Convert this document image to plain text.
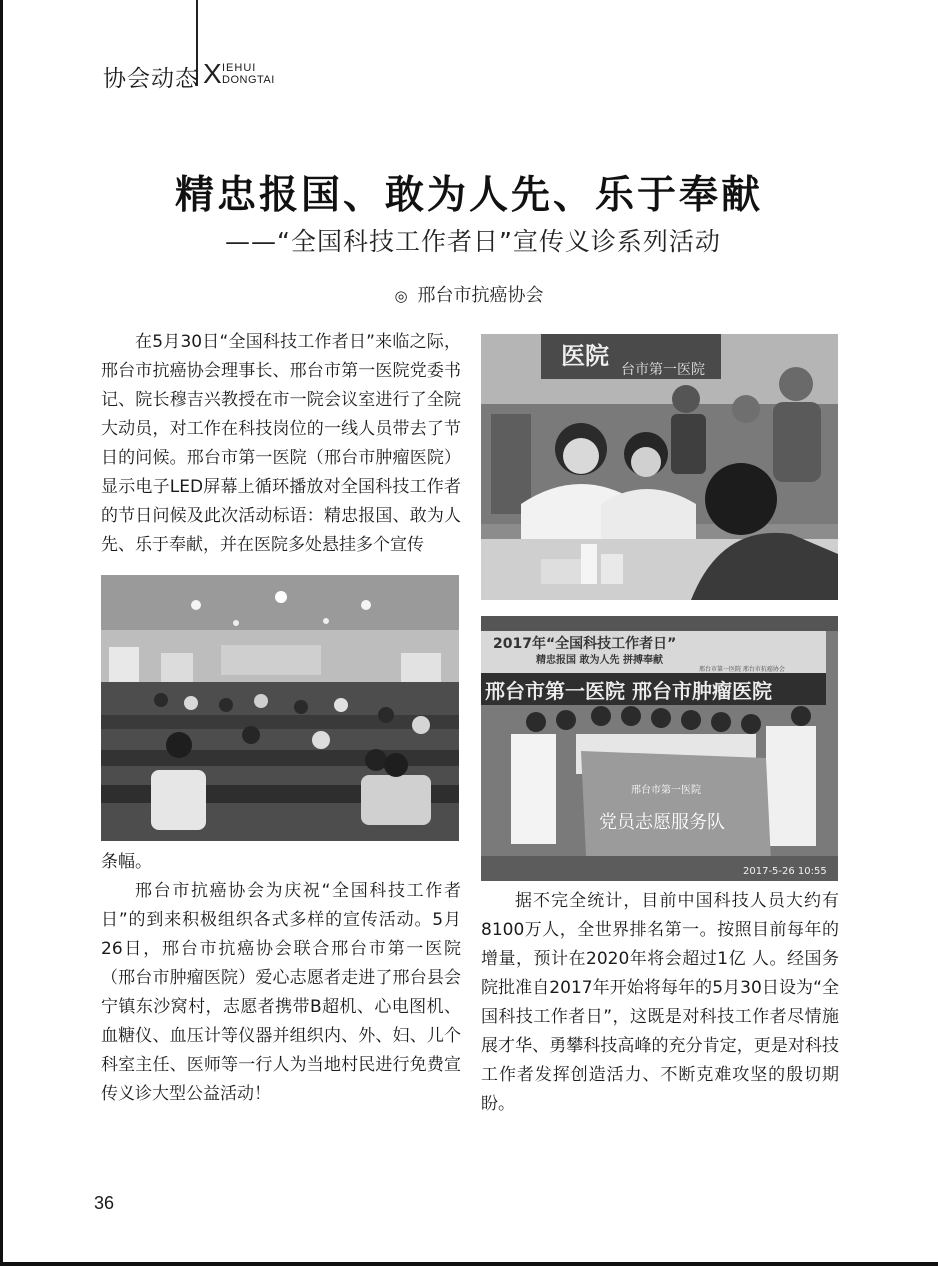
协会动态 X IEHUI
DONGTAI
精忠报国、敢为人先、乐于奉献
——“全国科技工作者日”宣传义诊系列活动
◎ 邢台市抗癌协会

在5月30日“全国科技工作者日”来临之际，邢台市抗癌协会理事长、邢台市第一医院党委书记、院长穆吉兴教授在市一院会议室进行了全院大动员，对工作在科技岗位的一线人员带去了节日的问候。邢台市第一医院（邢台市肿瘤医院）显示电子LED屏幕上循环播放对全国科技工作者的节日问候及此次活动标语：精忠报国、敢为人先、乐于奉献，并在医院多处悬挂多个宣传

条幅。

邢台市抗癌协会为庆祝“全国科技工作者日”的到来积极组织各式多样的宣传活动。5月26日，邢台市抗癌协会联合邢台市第一医院（邢台市肿瘤医院）爱心志愿者走进了邢台县会宁镇东沙窝村，志愿者携带B超机、心电图机、血糖仪、血压计等仪器并组织内、外、妇、儿个科室主任、医师等一行人为当地村民进行免费宣传义诊大型公益活动！

医院 台市第一医院
2017年“全国科技工作者日”
精忠报国 敢为人先 拼搏奉献
邢台市第一医院 邢台市抗癌协会
邢台市第一医院 邢台市肿瘤医院
邢台市第一医院
党员志愿服务队
2017-5-26 10:55

据不完全统计，目前中国科技人员大约有8100万人，全世界排名第一。按照目前每年的增量，预计在2020年将会超过1亿 人。经国务院批准自2017年开始将每年的5月30日设为“全国科技工作者日”，这既是对科技工作者尽情施展才华、勇攀科技高峰的充分肯定，更是对科技工作者发挥创造活力、不断克难攻坚的殷切期盼。

36
